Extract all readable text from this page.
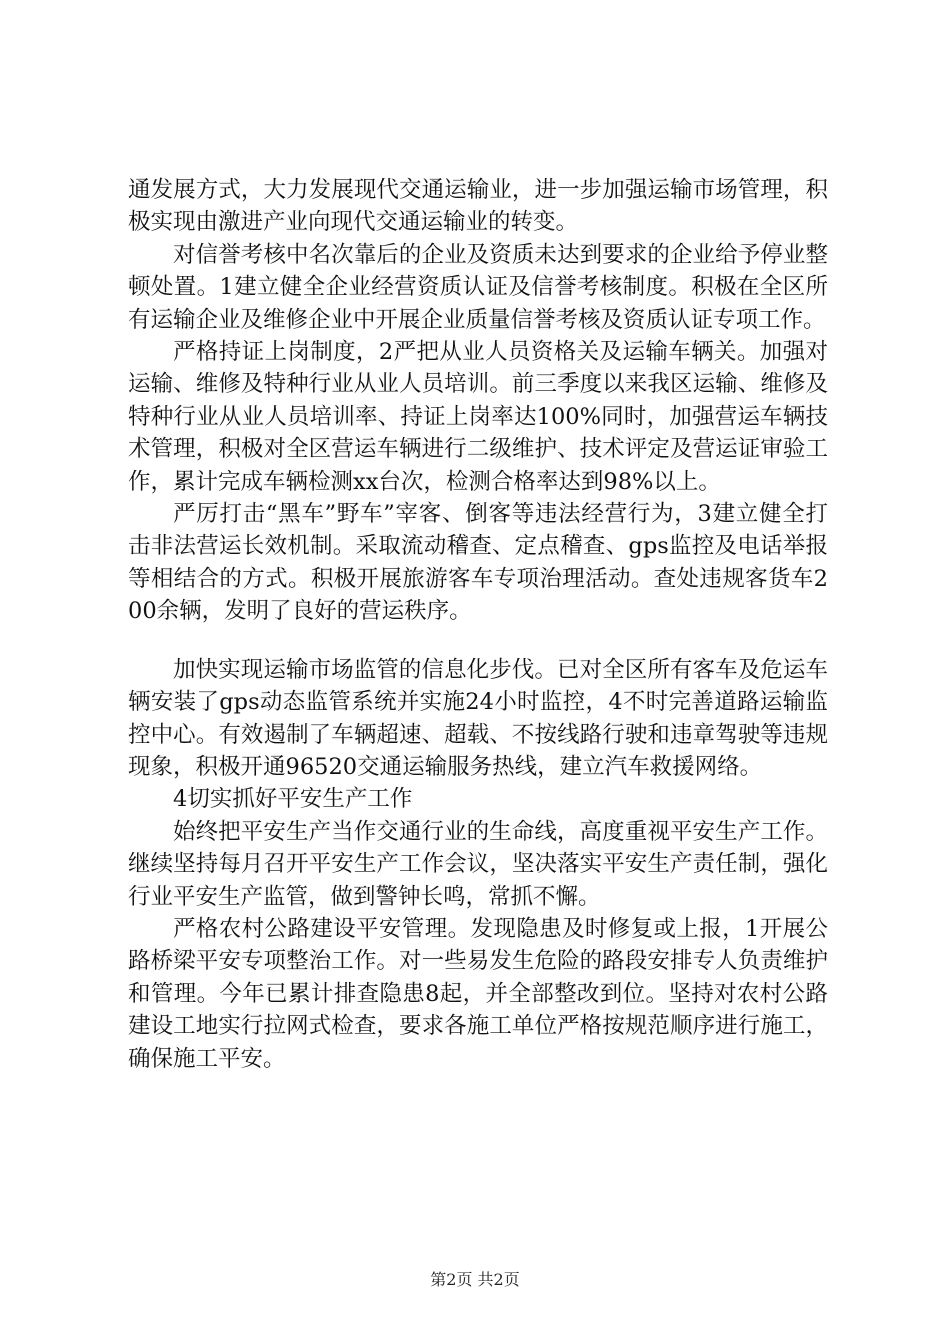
通发展方式，大力发展现代交通运输业，进一步加强运输市场管理，积极实现由激进产业向现代交通运输业的转变。

对信誉考核中名次靠后的企业及资质未达到要求的企业给予停业整顿处置。1建立健全企业经营资质认证及信誉考核制度。积极在全区所有运输企业及维修企业中开展企业质量信誉考核及资质认证专项工作。

严格持证上岗制度，2严把从业人员资格关及运输车辆关。加强对运输、维修及特种行业从业人员培训。前三季度以来我区运输、维修及特种行业从业人员培训率、持证上岗率达100%同时，加强营运车辆技术管理，积极对全区营运车辆进行二级维护、技术评定及营运证审验工作，累计完成车辆检测xx台次，检测合格率达到98%以上。

严厉打击“黑车”野车”宰客、倒客等违法经营行为，3建立健全打击非法营运长效机制。采取流动稽查、定点稽查、gps监控及电话举报等相结合的方式。积极开展旅游客车专项治理活动。查处违规客货车200余辆，发明了良好的营运秩序。

加快实现运输市场监管的信息化步伐。已对全区所有客车及危运车辆安装了gps动态监管系统并实施24小时监控，4不时完善道路运输监控中心。有效遏制了车辆超速、超载、不按线路行驶和违章驾驶等违规现象，积极开通96520交通运输服务热线，建立汽车救援网络。

4切实抓好平安生产工作

始终把平安生产当作交通行业的生命线，高度重视平安生产工作。继续坚持每月召开平安生产工作会议，坚决落实平安生产责任制，强化行业平安生产监管，做到警钟长鸣，常抓不懈。

严格农村公路建设平安管理。发现隐患及时修复或上报，1开展公路桥梁平安专项整治工作。对一些易发生危险的路段安排专人负责维护和管理。今年已累计排查隐患8起，并全部整改到位。坚持对农村公路建设工地实行拉网式检查，要求各施工单位严格按规范顺序进行施工，确保施工平安。

第2页 共2页
